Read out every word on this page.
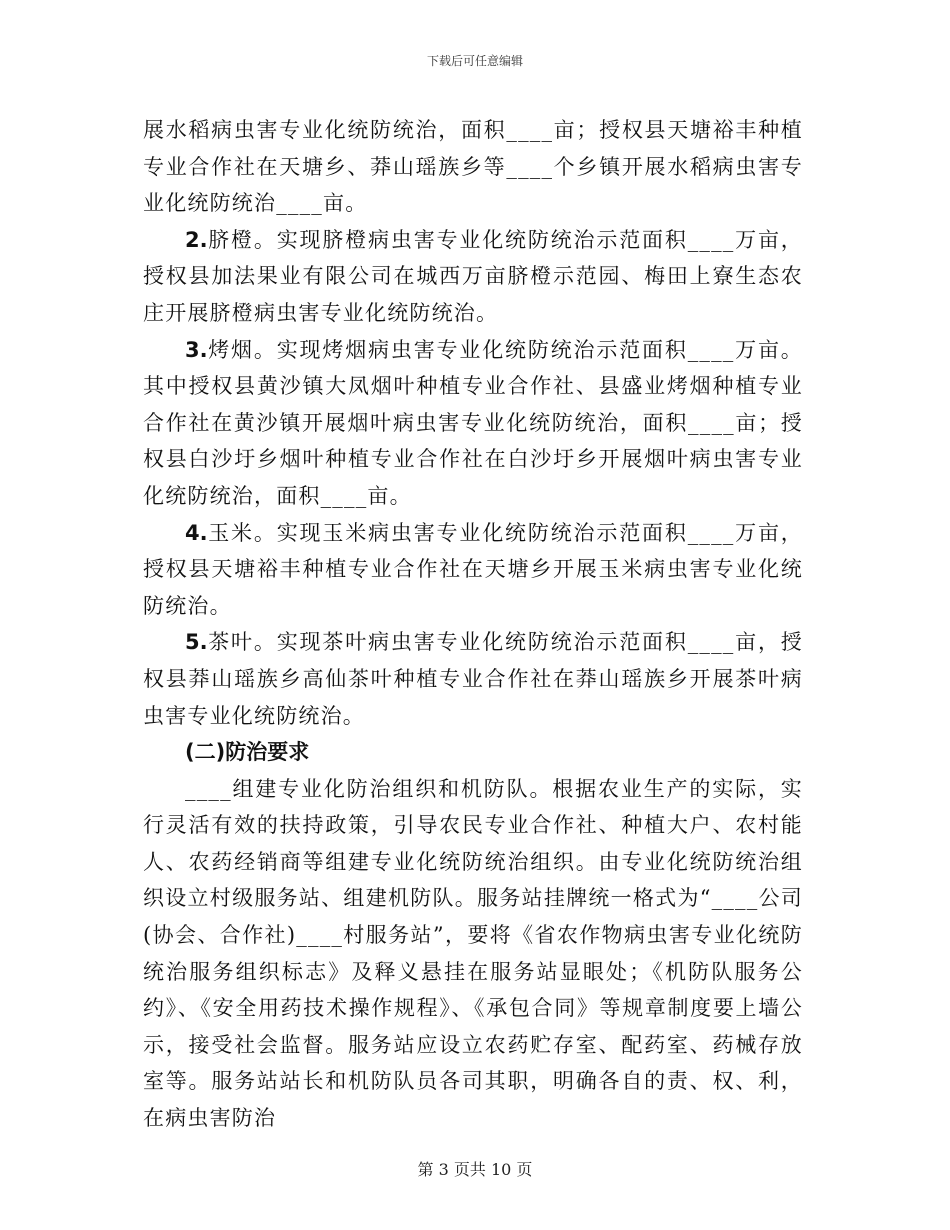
下载后可任意编辑

展水稻病虫害专业化统防统治，面积____亩；授权县天塘裕丰种植专业合作社在天塘乡、莽山瑶族乡等____个乡镇开展水稻病虫害专业化统防统治____亩。

2.脐橙。实现脐橙病虫害专业化统防统治示范面积____万亩，授权县加法果业有限公司在城西万亩脐橙示范园、梅田上寮生态农庄开展脐橙病虫害专业化统防统治。

3.烤烟。实现烤烟病虫害专业化统防统治示范面积____万亩。其中授权县黄沙镇大凤烟叶种植专业合作社、县盛业烤烟种植专业合作社在黄沙镇开展烟叶病虫害专业化统防统治，面积____亩；授权县白沙圩乡烟叶种植专业合作社在白沙圩乡开展烟叶病虫害专业化统防统治，面积____亩。

4.玉米。实现玉米病虫害专业化统防统治示范面积____万亩，授权县天塘裕丰种植专业合作社在天塘乡开展玉米病虫害专业化统防统治。

5.茶叶。实现茶叶病虫害专业化统防统治示范面积____亩，授权县莽山瑶族乡高仙茶叶种植专业合作社在莽山瑶族乡开展茶叶病虫害专业化统防统治。

(二)防治要求

____组建专业化防治组织和机防队。根据农业生产的实际，实行灵活有效的扶持政策，引导农民专业合作社、种植大户、农村能人、农药经销商等组建专业化统防统治组织。由专业化统防统治组织设立村级服务站、组建机防队。服务站挂牌统一格式为“____公司(协会、合作社)____村服务站”，要将《省农作物病虫害专业化统防统治服务组织标志》及释义悬挂在服务站显眼处；《机防队服务公约》、《安全用药技术操作规程》、《承包合同》等规章制度要上墙公示，接受社会监督。服务站应设立农药贮存室、配药室、药械存放室等。服务站站长和机防队员各司其职，明确各自的责、权、利，在病虫害防治

第 3 页共 10 页
